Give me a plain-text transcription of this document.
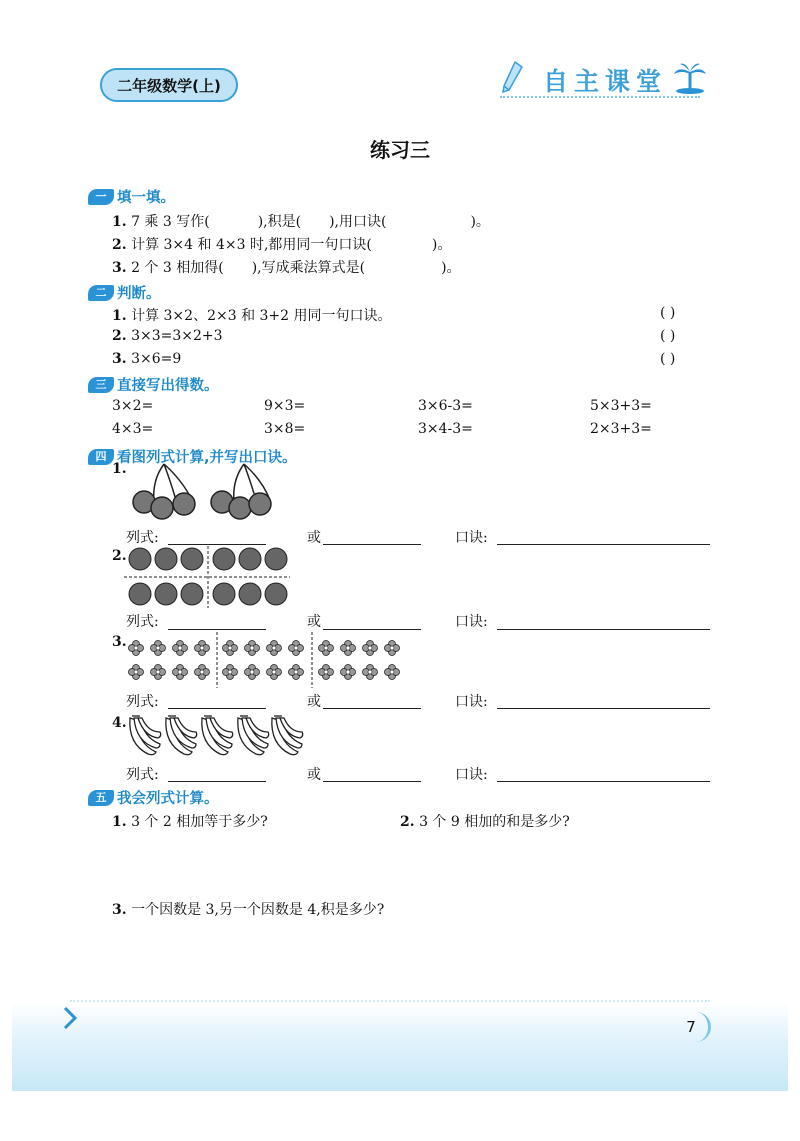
二年级数学(上)	自主课堂
练习三
一 填一填。
1. 7 乘 3 写作(	),积是( ),用口诀(	)。
2. 计算 3×4 和 4×3 时,都用同一句口诀(	)。
3. 2 个 3 相加得( ),写成乘法算式是(	)。
二 判断。
1. 计算 3×2、2×3 和 3+2 用同一句口诀。	( )
2. 3×3=3×2+3	( )
3. 3×6=9	( )
三 直接写出得数。
3×2=	9×3=	3×6-3=	5×3+3=
4×3=	3×8=	3×4-3=	2×3+3=
四 看图列式计算,并写出口诀。
1.
列式:	或	口诀:
2.
列式:	或	口诀:
3.
列式:	或	口诀:
4.
列式:	或	口诀:
五 我会列式计算。
1. 3 个 2 相加等于多少?	2. 3 个 9 相加的和是多少?
3. 一个因数是 3,另一个因数是 4,积是多少?
7
